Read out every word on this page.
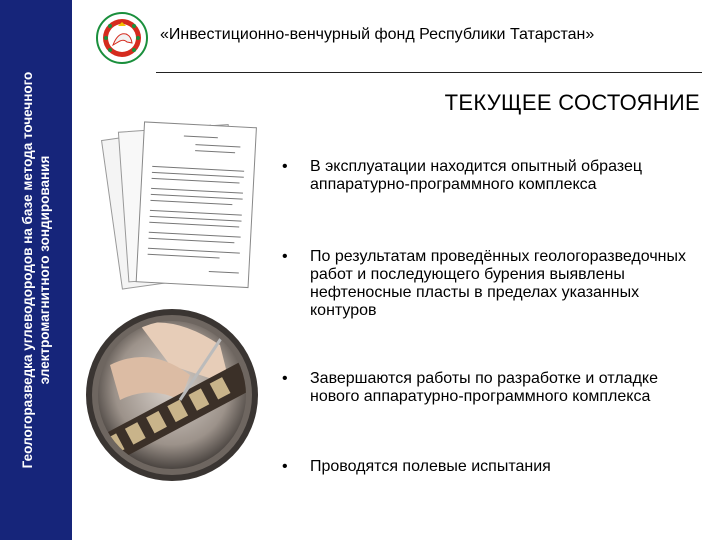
Геологоразведка углеводородов на базе метода точечного электромагнитного зондирования
«Инвестиционно-венчурный фонд Республики Татарстан»
ТЕКУЩЕЕ СОСТОЯНИЕ
• В эксплуатации находится опытный образец аппаратурно-программного комплекса
• По результатам проведённых геологоразведочных работ и последующего бурения выявлены нефтеносные пласты в пределах указанных контуров
• Завершаются работы по разработке и отладке нового аппаратурно-программного комплекса
• Проводятся полевые испытания
